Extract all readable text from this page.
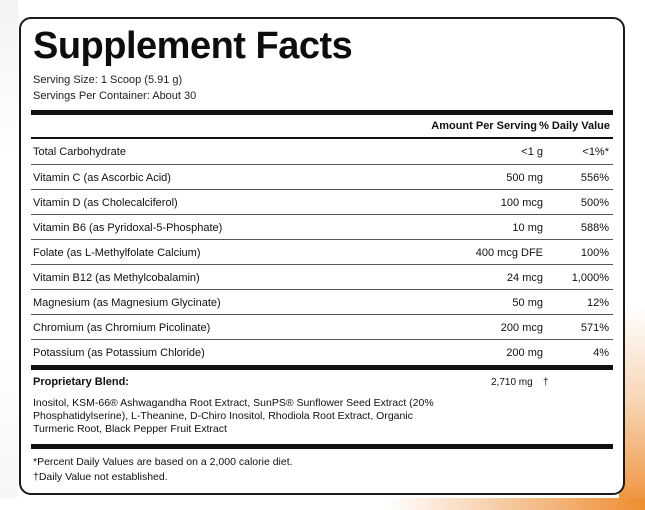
Supplement Facts
Serving Size: 1 Scoop (5.91 g)
Servings Per Container: About 30
Amount Per Serving % Daily Value
Total Carbohydrate	<1 g	<1%*
Vitamin C (as Ascorbic Acid)	500 mg	556%
Vitamin D (as Cholecalciferol)	100 mcg	500%
Vitamin B6 (as Pyridoxal-5-Phosphate)	10 mg	588%
Folate (as L-Methylfolate Calcium)	400 mcg DFE	100%
Vitamin B12 (as Methylcobalamin)	24 mcg	1,000%
Magnesium (as Magnesium Glycinate)	50 mg	12%
Chromium (as Chromium Picolinate)	200 mcg	571%
Potassium (as Potassium Chloride)	200 mg	4%
Proprietary Blend:	2,710 mg †
Inositol, KSM-66® Ashwagandha Root Extract, SunPS® Sunflower Seed Extract (20% Phosphatidylserine), L-Theanine, D-Chiro Inositol, Rhodiola Root Extract, Organic Turmeric Root, Black Pepper Fruit Extract
*Percent Daily Values are based on a 2,000 calorie diet.
†Daily Value not established.
